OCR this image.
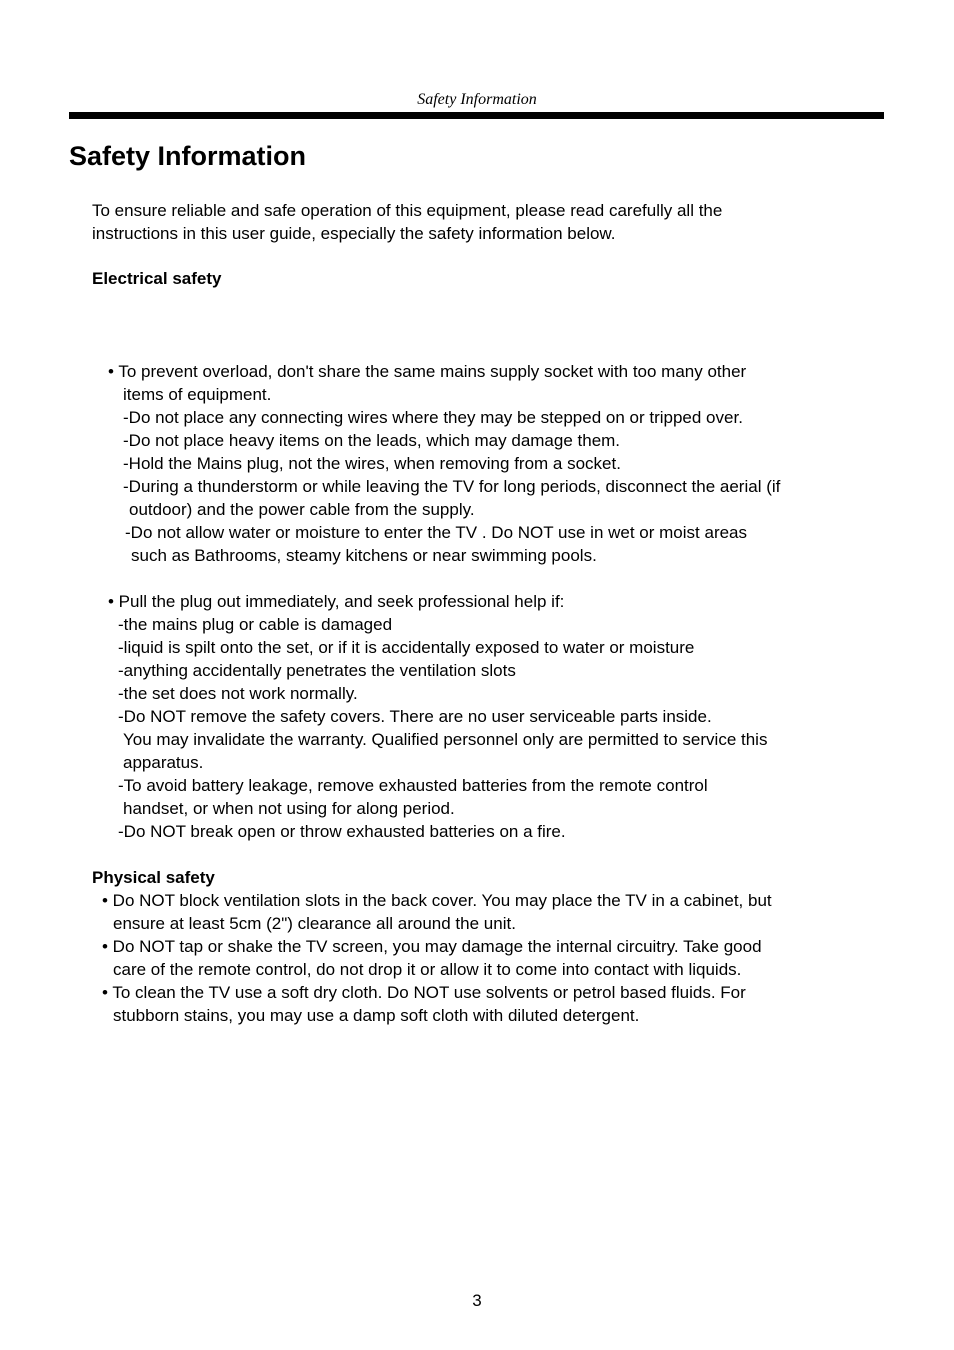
Safety Information
Safety Information
To ensure reliable and safe operation of this equipment, please read carefully all the
instructions in this user guide, especially the safety information below.
Electrical safety
• To prevent overload, don't share the same mains supply socket with too many other
items of equipment.
-Do not place any connecting wires where they may be stepped on or tripped over.
-Do not place heavy items on the leads, which may damage them.
-Hold the Mains plug, not the wires, when removing from a socket.
-During a thunderstorm or while leaving the TV for long periods, disconnect the aerial (if
outdoor) and the power cable from the supply.
-Do not allow water or moisture to enter the TV . Do NOT use in wet or moist areas
such as Bathrooms, steamy kitchens or near swimming pools.
• Pull the plug out immediately, and seek professional help if:
-the mains plug or cable is damaged
-liquid is spilt onto the set, or if it is accidentally exposed to water or moisture
-anything accidentally penetrates the ventilation slots
-the set does not work normally.
-Do NOT remove the safety covers. There are no user serviceable parts inside.
You may invalidate the warranty. Qualified personnel only are permitted to service this
apparatus.
-To avoid battery leakage, remove exhausted batteries from the remote control
handset, or when not using for along period.
-Do NOT break open or throw exhausted batteries on a fire.
Physical safety
• Do NOT block ventilation slots in the back cover. You may place the TV in a cabinet, but
ensure at least 5cm (2") clearance all around the unit.
• Do NOT tap or shake the TV screen, you may damage the internal circuitry. Take good
care of the remote control, do not drop it or allow it to come into contact with liquids.
• To clean the TV use a soft dry cloth. Do NOT use solvents or petrol based fluids. For
stubborn stains, you may use a damp soft cloth with diluted detergent.
3
